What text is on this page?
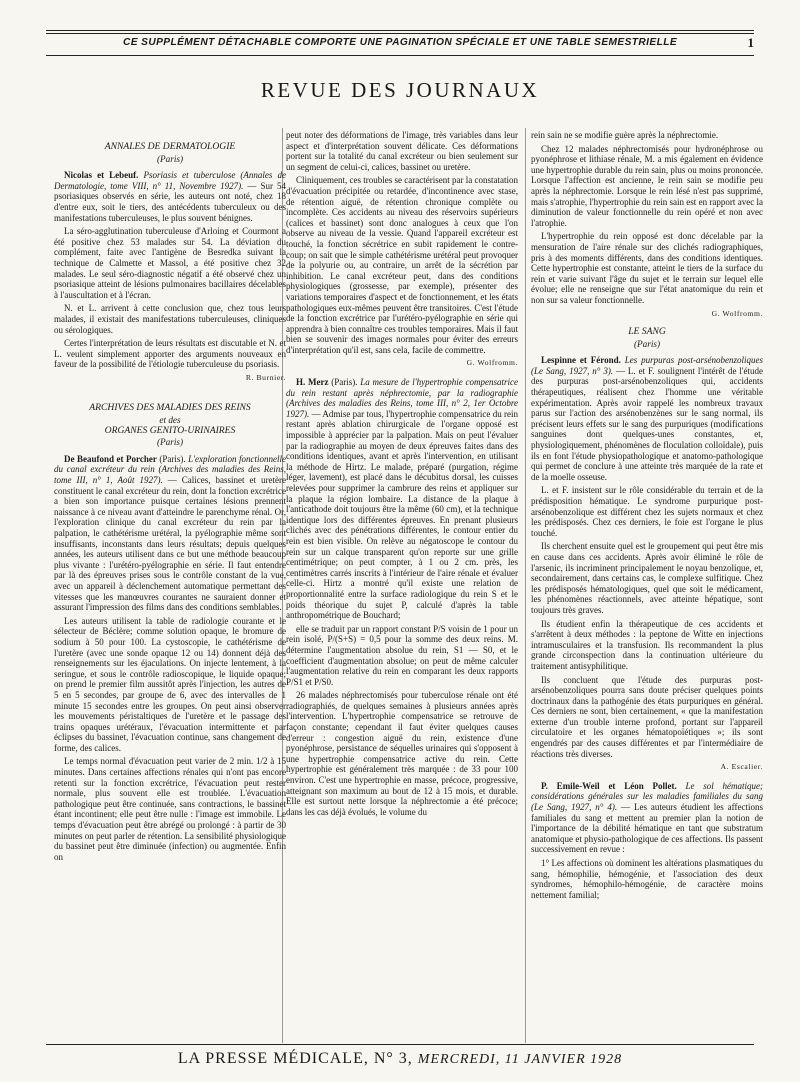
CE SUPPLÉMENT DÉTACHABLE COMPORTE UNE PAGINATION SPÉCIALE ET UNE TABLE SEMESTRIELLE	1
REVUE DES JOURNAUX
ANNALES DE DERMATOLOGIE
(Paris)

Nicolas et Lebeuf. Psoriasis et tuberculose (Annales de Dermatologie, tome VIII, n° 11, Novembre 1927). — Sur 54 psoriasiques observés en série, les auteurs ont noté, chez 18 d'entre eux, soit le tiers, des antécédents tuberculeux ou des manifestations tuberculeuses, le plus souvent bénignes.

La séro-agglutination tuberculeuse d'Arloing et Courmont a été positive chez 53 malades sur 54. La déviation du complément, faite avec l'antigène de Besredka suivant la technique de Calmette et Massol, a été positive chez 32 malades. Le seul séro-diagnostic négatif a été observé chez un psoriasique atteint de lésions pulmonaires bacillaires décelables à l'auscultation et à l'écran.

N. et L. arrivent à cette conclusion que, chez tous leurs malades, il existait des manifestations tuberculeuses, cliniques ou sérologiques.

Certes l'interprétation de leurs résultats est discutable et N. et L. veulent simplement apporter des arguments nouveaux en faveur de la possibilité de l'étiologie tuberculeuse du psoriasis.

R. Burnier.
ARCHIVES DES MALADIES DES REINS
et des
ORGANES GENITO-URINAIRES
(Paris)

De Beaufond et Porcher (Paris). L'exploration fonctionnelle du canal excréteur du rein (Archives des maladies des Reins, tome III, n° 1, Août 1927). — Calices, bassinet et uretère constituent le canal excréteur du rein, dont la fonction excrétrice a bien son importance puisque certaines lésions prennent naissance à ce niveau avant d'atteindre le parenchyme rénal. Or, l'exploration clinique du canal excréteur du rein par la palpation, le cathétérisme urétéral, la pyélographie même sont insuffisants, inconstants dans leurs résultats; depuis quelques années, les auteurs utilisent dans ce but une méthode beaucoup plus vivante : l'urétéro-pyélographie en série. Il faut entendre par là des épreuves prises sous le contrôle constant de la vue, avec un appareil à déclenchement automatique permettant des vitesses que les manœuvres courantes ne sauraient donner et assurant l'impression des films dans des conditions semblables.

Les auteurs utilisent la table de radiologie courante et le sélecteur de Béclère; comme solution opaque, le bromure de sodium à 50 pour 100. La cystoscopie, le cathétérisme de l'uretère (avec une sonde opaque 12 ou 14) donnent déjà des renseignements sur les éjaculations. On injecte lentement, à la seringue, et sous le contrôle radioscopique, le liquide opaque; on prend le premier film aussitôt après l'injection, les autres de 5 en 5 secondes, par groupe de 6, avec des intervalles de 1 minute 15 secondes entre les groupes. On peut ainsi observer les mouvements péristaltiques de l'uretère et le passage des trains opaques urétéraux, l'évacuation intermittente et par éclipses du bassinet, l'évacuation continue, sans changement de forme, des calices.

Le temps normal d'évacuation peut varier de 2 min. 1/2 à 15 minutes. Dans certaines affections rénales qui n'ont pas encore retenti sur la fonction excrétrice, l'évacuation peut rester normale, plus souvent elle est troublée. L'évacuation pathologique peut être continuée, sans contractions, le bassinet étant incontinent; elle peut être nulle : l'image est immobile. Le temps d'évacuation peut être abrégé ou prolongé : à partir de 30 minutes on peut parler de rétention. La sensibilité physiologique du bassinet peut être diminuée (infection) ou augmentée. Enfin on

peut noter des déformations de l'image, très variables dans leur aspect et d'interprétation souvent délicate. Ces déformations portent sur la totalité du canal excréteur ou bien seulement sur un segment de celui-ci, calices, bassinet ou uretère.

Cliniquement, ces troubles se caractérisent par la constatation d'évacuation précipitée ou retardée, d'incontinence avec stase, de rétention aiguë, de rétention chronique complète ou incomplète. Ces accidents au niveau des réservoirs supérieurs (calices et bassinet) sont donc analogues à ceux que l'on observe au niveau de la vessie. Quand l'appareil excréteur est touché, la fonction sécrétrice en subit rapidement le contre-coup; on sait que le simple cathétérisme urétéral peut provoquer de la polyurie ou, au contraire, un arrêt de la sécrétion par inhibition. Le canal excréteur peut, dans des conditions physiologiques (grossesse, par exemple), présenter des variations temporaires d'aspect et de fonctionnement, et les états pathologiques eux-mêmes peuvent être transitoires. C'est l'étude de la fonction excrétrice par l'urétéro-pyélographie en série qui apprendra à bien connaître ces troubles temporaires. Mais il faut bien se souvenir des images normales pour éviter des erreurs d'interprétation qu'il est, sans cela, facile de commettre.

G. Wolfromm.

H. Merz (Paris). La mesure de l'hypertrophie compensatrice du rein restant après néphrectomie, par la radiographie (Archives des maladies des Reins, tome III, n° 2, 1er Octobre 1927). — Admise par tous, l'hypertrophie compensatrice du rein restant après ablation chirurgicale de l'organe opposé est impossible à apprécier par la palpation. Mais on peut l'évaluer par la radiographie au moyen de deux épreuves faites dans des conditions identiques, avant et après l'intervention, en utilisant la méthode de Hirtz. Le malade, préparé (purgation, régime léger, lavement), est placé dans le décubitus dorsal, les cuisses relevées pour supprimer la cambrure des reins et appliquer sur la plaque la région lombaire. La distance de la plaque à l'anticathode doit toujours être la même (60 cm), et la technique identique lors des différentes épreuves. En prenant plusieurs clichés avec des pénétrations différentes, le contour entier du rein est bien visible. On relève au négatoscope le contour du rein sur un calque transparent qu'on reporte sur une grille centimétrique; on peut compter, à 1 ou 2 cm. près, les centimètres carrés inscrits à l'intérieur de l'aire rénale et évaluer celle-ci. Hirtz a montré qu'il existe une relation de proportionnalité entre la surface radiologique du rein S et le poids théorique du sujet P, calculé d'après la table anthropométrique de Bouchard;

elle se traduit par un rapport constant P/S voisin de 1 pour un rein isolé, P/(S+S) = 0,5 pour la somme des deux reins. M. détermine l'augmentation absolue du rein, S1 — S0, et le coefficient d'augmentation absolue; on peut de même calculer l'augmentation relative du rein en comparant les deux rapports P/S1 et P/S0.

26 malades néphrectomisés pour tuberculose rénale ont été radiographiés, de quelques semaines à plusieurs années après l'intervention. L'hypertrophie compensatrice se retrouve de façon constante; cependant il faut éviter quelques causes d'erreur : congestion aiguë du rein, existence d'une pyonéphrose, persistance de séquelles urinaires qui s'opposent à une hypertrophie compensatrice active du rein. Cette hypertrophie est généralement très marquée : de 33 pour 100 environ. C'est une hypertrophie en masse, précoce, progressive, atteignant son maximum au bout de 12 à 15 mois, et durable. Elle est surtout nette lorsque la néphrectomie a été précoce; dans les cas déjà évolués, le volume du

rein sain ne se modifie guère après la néphrectomie.

Chez 12 malades néphrectomisés pour hydronéphrose ou pyonéphrose et lithiase rénale, M. a mis également en évidence une hypertrophie durable du rein sain, plus ou moins prononcée. Lorsque l'affection est ancienne, le rein sain se modifie peu après la néphrectomie. Lorsque le rein lésé n'est pas supprimé, mais s'atrophie, l'hypertrophie du rein sain est en rapport avec la diminution de valeur fonctionnelle du rein opéré et non avec l'atrophie.

L'hypertrophie du rein opposé est donc décelable par la mensuration de l'aire rénale sur des clichés radiographiques, pris à des moments différents, dans des conditions identiques. Cette hypertrophie est constante, atteint le tiers de la surface du rein et varie suivant l'âge du sujet et le terrain sur lequel elle évolue; elle ne renseigne que sur l'état anatomique du rein et non sur sa valeur fonctionnelle.

G. Wolfromm.
LE SANG
(Paris)

Lespinne et Férond. Les purpuras post-arsénobenzoliques (Le Sang, 1927, n° 3). — L. et F. soulignent l'intérêt de l'étude des purpuras post-arsénobenzoliques qui, accidents thérapeutiques, réalisent chez l'homme une véritable expérimentation. Après avoir rappelé les nombreux travaux parus sur l'action des arsénobenzènes sur le sang normal, ils précisent leurs effets sur le sang des purpuriques (modifications sanguines dont quelques-unes constantes, et, physiologiquement, phénomènes de floculation colloïdale), puis ils en font l'étude physiopathologique et anatomo-pathologique qui permet de conclure à une atteinte très marquée de la rate et de la moelle osseuse.

L. et F. insistent sur le rôle considérable du terrain et de la prédisposition hématique. Le syndrome purpurique post-arsénobenzolique est différent chez les sujets normaux et chez les prédisposés. Chez ces derniers, le foie est l'organe le plus touché.

Ils cherchent ensuite quel est le groupement qui peut être mis en cause dans ces accidents. Après avoir éliminé le rôle de l'arsenic, ils incriminent principalement le noyau benzolique, et, secondairement, dans certains cas, le complexe sulfitique. Chez les prédisposés hématologiques, quel que soit le médicament, les phénomènes réactionnels, avec atteinte hépatique, sont toujours très graves.

Ils étudient enfin la thérapeutique de ces accidents et s'arrêtent à deux méthodes : la peptone de Witte en injections intramusculaires et la transfusion. Ils recommandent la plus grande circonspection dans la continuation ultérieure du traitement antisyphilitique.

Ils concluent que l'étude des purpuras post-arsénobenzoliques pourra sans doute préciser quelques points doctrinaux dans la pathogénie des états purpuriques en général. Ces derniers ne sont, bien certainement, « que la manifestation externe d'un trouble interne profond, portant sur l'appareil circulatoire et les organes hématopoïétiques »; ils sont engendrés par des causes différentes et par l'intermédiaire de réactions très diverses.

A. Escalier.

P. Emile-Weil et Léon Pollet. Le sol hématique; considérations générales sur les maladies familiales du sang (Le Sang, 1927, n° 4). — Les auteurs étudient les affections familiales du sang et mettent au premier plan la notion de l'importance de la débilité hématique en tant que substratum anatomique et physio-pathologique de ces affections. Ils passent successivement en revue :

1° Les affections où dominent les altérations plasmatiques du sang, hémophilie, hémogénie, et l'association des deux syndromes, hémophilo-hémogénie, de caractère moins nettement familial;

LA PRESSE MÉDICALE, N° 3, MERCREDI, 11 JANVIER 1928
